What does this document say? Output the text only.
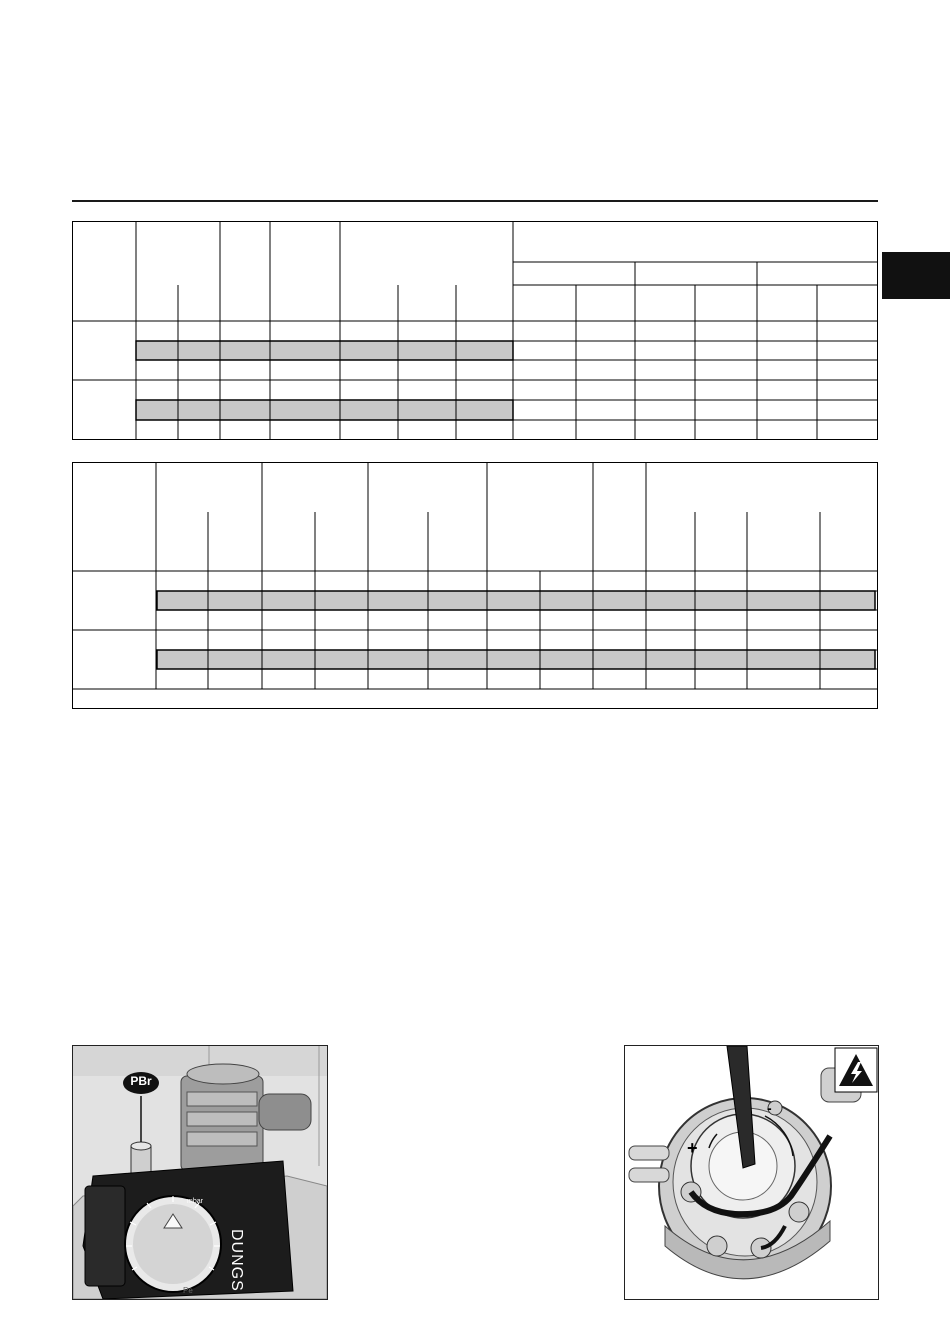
PBr
DUNGS
mbar
Pe
+
-
